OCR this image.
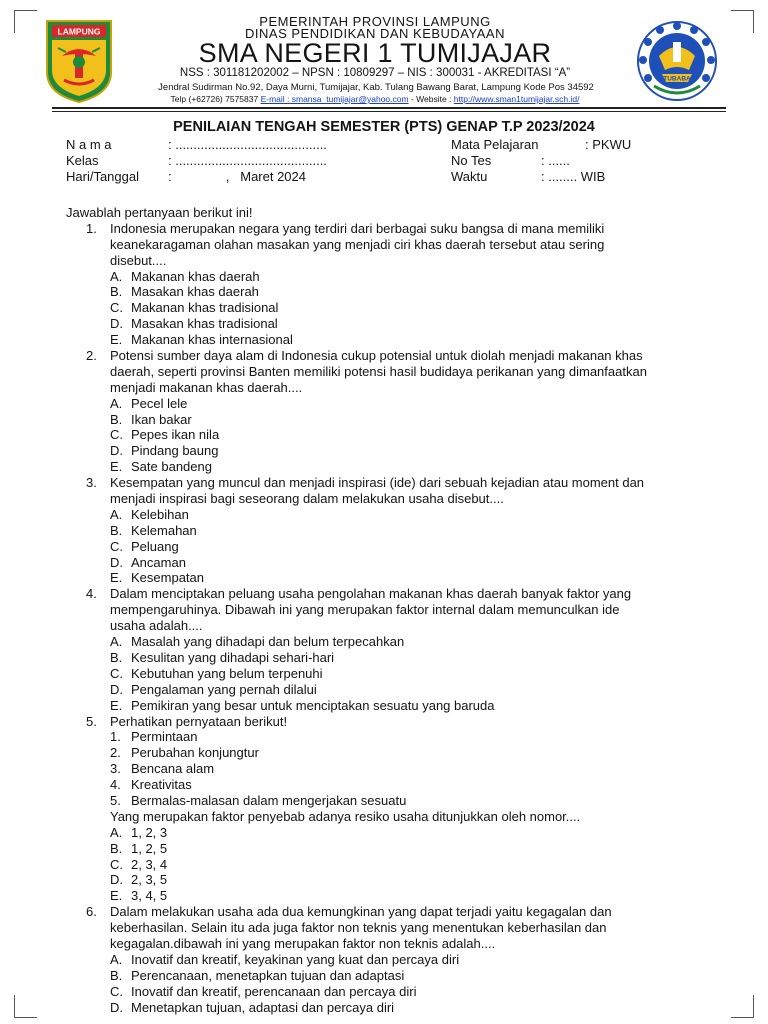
LAMPUNG
TUBABA
PEMERINTAH PROVINSI LAMPUNG
DINAS PENDIDIKAN DAN KEBUDAYAAN
SMA NEGERI 1 TUMIJAJAR
NSS : 301181202002 – NPSN : 10809297 – NIS : 300031 - AKREDITASI “A”
Jendral Sudirman No.92, Daya Murni, Tumijajar, Kab. Tulang Bawang Barat, Lampung Kode Pos 34592
Telp (+62726) 7575837 E-mail : smansa_tumijajar@yahoo.com - Website : http://www.sman1tumijajar.sch.id/
PENILAIAN TENGAH SEMESTER (PTS) GENAP T.P 2023/2024
N a m a	: ..........................................
Kelas	: ..........................................
Hari/Tanggal :               ,   Maret 2024
Mata Pelajaran	: PKWU
No Tes	: ......
Waktu	: ........ WIB
Jawablah pertanyaan berikut ini!
1.	Indonesia merupakan negara yang terdiri dari berbagai suku bangsa di mana memiliki
keanekaragaman olahan masakan yang menjadi ciri khas daerah tersebut atau sering
disebut....
A. Makanan khas daerah
B. Masakan khas daerah
C. Makanan khas tradisional
D. Masakan khas tradisional
E. Makanan khas internasional
2.	Potensi sumber daya alam di Indonesia cukup potensial untuk diolah menjadi makanan khas
daerah, seperti provinsi Banten memiliki potensi hasil budidaya perikanan yang dimanfaatkan
menjadi makanan khas daerah....
A. Pecel lele
B. Ikan bakar
C. Pepes ikan nila
D. Pindang baung
E. Sate bandeng
3.	Kesempatan yang muncul dan menjadi inspirasi (ide) dari sebuah kejadian atau moment dan
menjadi inspirasi bagi seseorang dalam melakukan usaha disebut....
A. Kelebihan
B. Kelemahan
C. Peluang
D. Ancaman
E. Kesempatan
4.	Dalam menciptakan peluang usaha pengolahan makanan khas daerah banyak faktor yang
mempengaruhinya. Dibawah ini yang merupakan faktor internal dalam memunculkan ide
usaha adalah....
A. Masalah yang dihadapi dan belum terpecahkan
B. Kesulitan yang dihadapi sehari-hari
C. Kebutuhan yang belum terpenuhi
D. Pengalaman yang pernah dilalui
E. Pemikiran yang besar untuk menciptakan sesuatu yang baruda
5.	Perhatikan pernyataan berikut!
1. Permintaan
2. Perubahan konjungtur
3. Bencana alam
4. Kreativitas
5. Bermalas-malasan dalam mengerjakan sesuatu
Yang merupakan faktor penyebab adanya resiko usaha ditunjukkan oleh nomor....
A. 1, 2, 3
B. 1, 2, 5
C. 2, 3, 4
D. 2, 3, 5
E. 3, 4, 5
6.	Dalam melakukan usaha ada dua kemungkinan yang dapat terjadi yaitu kegagalan dan
keberhasilan. Selain itu ada juga faktor non teknis yang menentukan keberhasilan dan
kegagalan.dibawah ini yang merupakan faktor non teknis adalah....
A. Inovatif dan kreatif, keyakinan yang kuat dan percaya diri
B. Perencanaan, menetapkan tujuan dan adaptasi
C. Inovatif dan kreatif, perencanaan dan percaya diri
D. Menetapkan tujuan, adaptasi dan percaya diri
